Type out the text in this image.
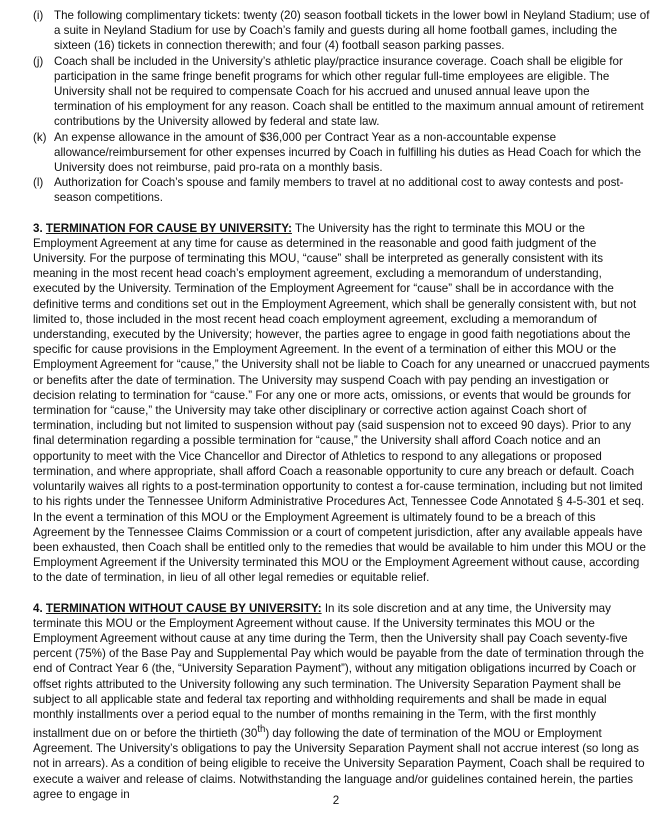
(i) The following complimentary tickets: twenty (20) season football tickets in the lower bowl in Neyland Stadium; use of a suite in Neyland Stadium for use by Coach’s family and guests during all home football games, including the sixteen (16) tickets in connection therewith; and four (4) football season parking passes.
(j) Coach shall be included in the University’s athletic play/practice insurance coverage. Coach shall be eligible for participation in the same fringe benefit programs for which other regular full-time employees are eligible. The University shall not be required to compensate Coach for his accrued and unused annual leave upon the termination of his employment for any reason. Coach shall be entitled to the maximum annual amount of retirement contributions by the University allowed by federal and state law.
(k) An expense allowance in the amount of $36,000 per Contract Year as a non-accountable expense allowance/reimbursement for other expenses incurred by Coach in fulfilling his duties as Head Coach for which the University does not reimburse, paid pro-rata on a monthly basis.
(l) Authorization for Coach’s spouse and family members to travel at no additional cost to away contests and post-season competitions.

3. TERMINATION FOR CAUSE BY UNIVERSITY: The University has the right to terminate this MOU or the Employment Agreement at any time for cause as determined in the reasonable and good faith judgment of the University. For the purpose of terminating this MOU, “cause” shall be interpreted as generally consistent with its meaning in the most recent head coach’s employment agreement, excluding a memorandum of understanding, executed by the University. Termination of the Employment Agreement for “cause” shall be in accordance with the definitive terms and conditions set out in the Employment Agreement, which shall be generally consistent with, but not limited to, those included in the most recent head coach employment agreement, excluding a memorandum of understanding, executed by the University; however, the parties agree to engage in good faith negotiations about the specific for cause provisions in the Employment Agreement. In the event of a termination of either this MOU or the Employment Agreement for “cause,” the University shall not be liable to Coach for any unearned or unaccrued payments or benefits after the date of termination. The University may suspend Coach with pay pending an investigation or decision relating to termination for “cause.” For any one or more acts, omissions, or events that would be grounds for termination for “cause,” the University may take other disciplinary or corrective action against Coach short of termination, including but not limited to suspension without pay (said suspension not to exceed 90 days). Prior to any final determination regarding a possible termination for “cause,” the University shall afford Coach notice and an opportunity to meet with the Vice Chancellor and Director of Athletics to respond to any allegations or proposed termination, and where appropriate, shall afford Coach a reasonable opportunity to cure any breach or default. Coach voluntarily waives all rights to a post-termination opportunity to contest a for-cause termination, including but not limited to his rights under the Tennessee Uniform Administrative Procedures Act, Tennessee Code Annotated § 4-5-301 et seq. In the event a termination of this MOU or the Employment Agreement is ultimately found to be a breach of this Agreement by the Tennessee Claims Commission or a court of competent jurisdiction, after any available appeals have been exhausted, then Coach shall be entitled only to the remedies that would be available to him under this MOU or the Employment Agreement if the University terminated this MOU or the Employment Agreement without cause, according to the date of termination, in lieu of all other legal remedies or equitable relief.

4. TERMINATION WITHOUT CAUSE BY UNIVERSITY: In its sole discretion and at any time, the University may terminate this MOU or the Employment Agreement without cause. If the University terminates this MOU or the Employment Agreement without cause at any time during the Term, then the University shall pay Coach seventy-five percent (75%) of the Base Pay and Supplemental Pay which would be payable from the date of termination through the end of Contract Year 6 (the, “University Separation Payment”), without any mitigation obligations incurred by Coach or offset rights attributed to the University following any such termination. The University Separation Payment shall be subject to all applicable state and federal tax reporting and withholding requirements and shall be made in equal monthly installments over a period equal to the number of months remaining in the Term, with the first monthly installment due on or before the thirtieth (30th) day following the date of termination of the MOU or Employment Agreement. The University’s obligations to pay the University Separation Payment shall not accrue interest (so long as not in arrears). As a condition of being eligible to receive the University Separation Payment, Coach shall be required to execute a waiver and release of claims. Notwithstanding the language and/or guidelines contained herein, the parties agree to engage in	2
